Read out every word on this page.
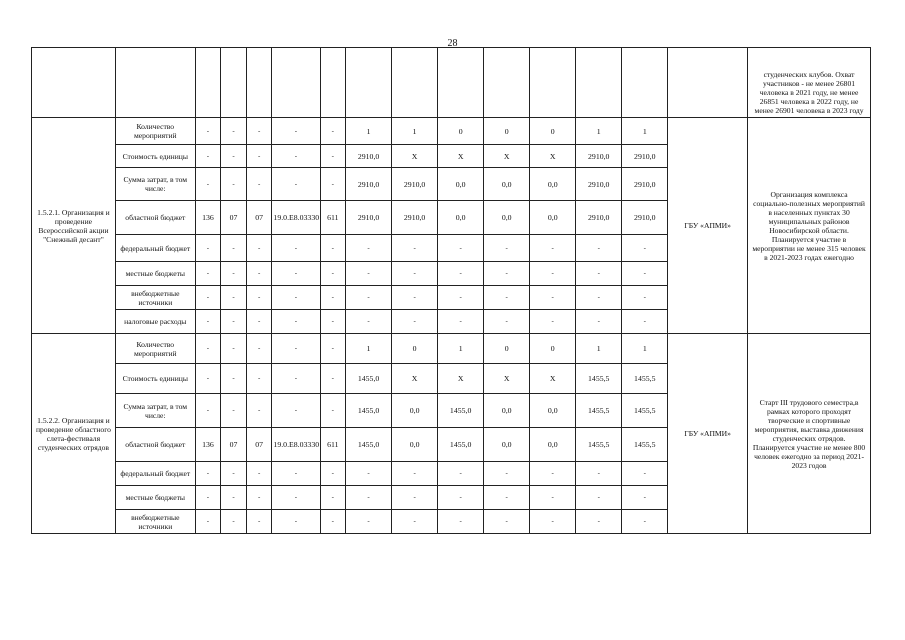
28
															студенческих клубов. Охват участников - не менее 26801 человека в 2021 году, не менее 26851 человека в 2022 году, не менее 26901 человека в 2023 году
1.5.2.1. Организация и проведение Всероссийской акции "Снежный десант"	Количество мероприятий	-	-	-	-	-	1	1	0	0	0	1	1	ГБУ «АПМИ»	Организация комплекса социально-полезных мероприятий в населенных пунктах 30 муниципальных районов Новосибирской области. Планируется участие в мероприятии не менее 315 человек в 2021-2023 годах ежегодно
	Стоимость единицы	-	-	-	-	-	2910,0	X	X	X	X	2910,0	2910,0		
	Сумма затрат, в том числе:	-	-	-	-	-	2910,0	2910,0	0,0	0,0	0,0	2910,0	2910,0		
	областной бюджет	136	07	07	19.0.E8.03330	611	2910,0	2910,0	0,0	0,0	0,0	2910,0	2910,0		
	федеральный бюджет	-	-	-	-	-	-	-	-	-	-	-	-		
	местные бюджеты	-	-	-	-	-	-	-	-	-	-	-	-		
	внебюджетные источники	-	-	-	-	-	-	-	-	-	-	-	-		
	налоговые расходы	-	-	-	-	-	-	-	-	-	-	-	-		
1.5.2.2. Организация и проведение областного слета-фестиваля студенческих отрядов	Количество мероприятий	-	-	-	-	-	1	0	1	0	0	1	1	ГБУ «АПМИ»	Старт III трудового семестра,в рамках которого проходят творческие и спортивные мероприятия, выставка движения студенческих отрядов. Планируется участие не менее 800 человек ежегодно за период 2021-2023 годов
	Стоимость единицы	-	-	-	-	-	1455,0	X	X	X	X	1455,5	1455,5		
	Сумма затрат, в том числе:	-	-	-	-	-	1455,0	0,0	1455,0	0,0	0,0	1455,5	1455,5		
	областной бюджет	136	07	07	19.0.E8.03330	611	1455,0	0,0	1455,0	0,0	0,0	1455,5	1455,5		
	федеральный бюджет	-	-	-	-	-	-	-	-	-	-	-	-		
	местные бюджеты	-	-	-	-	-	-	-	-	-	-	-	-		
	внебюджетные источники	-	-	-	-	-	-	-	-	-	-	-	-		
